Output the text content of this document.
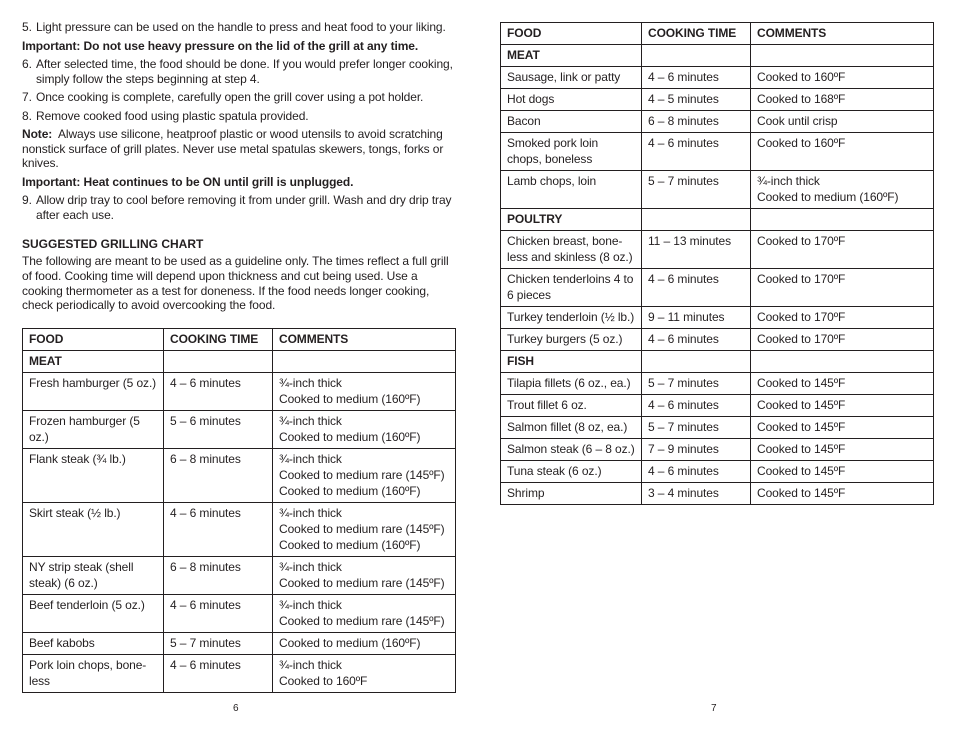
5. Light pressure can be used on the handle to press and heat food to your liking.
Important: Do not use heavy pressure on the lid of the grill at any time.
6. After selected time, the food should be done. If you would prefer longer cooking, simply follow the steps beginning at step 4.
7. Once cooking is complete, carefully open the grill cover using a pot holder.
8. Remove cooked food using plastic spatula provided.
Note: Always use silicone, heatproof plastic or wood utensils to avoid scratching nonstick surface of grill plates. Never use metal spatulas skewers, tongs, forks or knives.
Important: Heat continues to be ON until grill is unplugged.
9. Allow drip tray to cool before removing it from under grill. Wash and dry drip tray after each use.
SUGGESTED GRILLING CHART
The following are meant to be used as a guideline only. The times reflect a full grill of food. Cooking time will depend upon thickness and cut being used. Use a cooking thermometer as a test for doneness. If the food needs longer cooking, check periodically to avoid overcooking the food.
FOOD	COOKING TIME	COMMENTS
MEAT		
Fresh hamburger (5 oz.)	4 – 6 minutes	¾-inch thick
Cooked to medium (160ºF)

Frozen hamburger (5 oz.)	5 – 6 minutes	¾-inch thick
Cooked to medium (160ºF)

Flank steak (¾ lb.)	6 – 8 minutes	¾-inch thick
Cooked to medium rare (145ºF)
Cooked to medium (160ºF)

Skirt steak (½ lb.)	4 – 6 minutes	¾-inch thick
Cooked to medium rare (145ºF)
Cooked to medium (160ºF)

NY strip steak (shell steak) (6 oz.)	6 – 8 minutes	¾-inch thick
Cooked to medium rare (145ºF)

Beef tenderloin (5 oz.)	4 – 6 minutes	¾-inch thick
Cooked to medium rare (145ºF)

Beef kabobs	5 – 7 minutes	Cooked to medium (160ºF)

Pork loin chops, bone-less	4 – 6 minutes	¾-inch thick
Cooked to 160ºF
6
FOOD	COOKING TIME	COMMENTS
MEAT		
Sausage, link or patty	4 – 6 minutes	Cooked to 160ºF

Hot dogs	4 – 5 minutes	Cooked to 168ºF

Bacon	6 – 8 minutes	Cook until crisp

Smoked pork loin chops, boneless	4 – 6 minutes	Cooked to 160ºF

Lamb chops, loin	5 – 7 minutes	¾-inch thick
Cooked to medium (160ºF)

POULTRY		
Chicken breast, bone-less and skinless (8 oz.)	11 – 13 minutes	Cooked to 170ºF

Chicken tenderloins 4 to 6 pieces	4 – 6 minutes	Cooked to 170ºF

Turkey tenderloin (½ lb.)	9 – 11 minutes	Cooked to 170ºF

Turkey burgers (5 oz.)	4 – 6 minutes	Cooked to 170ºF

FISH		
Tilapia fillets (6 oz., ea.)	5 – 7 minutes	Cooked to 145ºF

Trout fillet 6 oz.	4 – 6 minutes	Cooked to 145ºF

Salmon fillet (8 oz, ea.)	5 – 7 minutes	Cooked to 145ºF

Salmon steak (6 – 8 oz.)	7 – 9 minutes	Cooked to 145ºF

Tuna steak (6 oz.)	4 – 6 minutes	Cooked to 145ºF

Shrimp	3 – 4 minutes	Cooked to 145ºF
7
